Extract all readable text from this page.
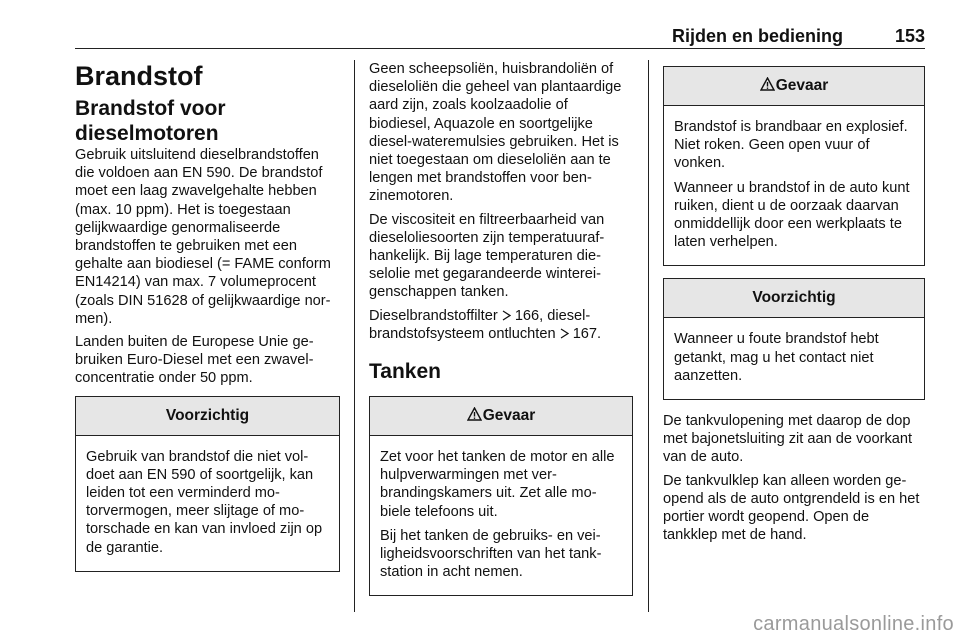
Rijden en bediening	153
Brandstof
Brandstof voor dieselmotoren

Gebruik uitsluitend dieselbrandstoffen die voldoen aan EN 590. De brandstof moet een laag zwavelgehalte hebben (max. 10 ppm). Het is toegestaan gelijkwaardige genormaliseerde brandstoffen te gebruiken met een gehalte aan biodiesel (= FAME conform EN14214) van max. 7 volumeprocent (zoals DIN 51628 of gelijkwaardige normen).

Landen buiten de Europese Unie gebruiken Euro-Diesel met een zwavelconcentratie onder 50 ppm.

Voorzichtig

Gebruik van brandstof die niet voldoet aan EN 590 of soortgelijk, kan leiden tot een verminderd motorvermogen, meer slijtage of motorschade en kan van invloed zijn op de garantie.

Geen scheepsoliën, huisbrandoliën of dieseloliën die geheel van plantaardige aard zijn, zoals koolzaadolie of biodiesel, Aquazole en soortgelijke diesel-wateremulsies gebruiken. Het is niet toegestaan om dieseloliën aan te lengen met brandstoffen voor benzinemotoren.

De viscositeit en filtreerbaarheid van dieseloliesoorten zijn temperatuurafhankelijk. Bij lage temperaturen dieselolie met gegarandeerde wintereigenschappen tanken.

Dieselbrandstoffilter  166, dieselbrandstofsysteem ontluchten  167.

Tanken
Gevaar

Zet voor het tanken de motor en alle hulpverwarmingen met verbrandingskamers uit. Zet alle mobiele telefoons uit.

Bij het tanken de gebruiks- en veiligheidsvoorschriften van het tankstation in acht nemen.

Gevaar

Brandstof is brandbaar en explosief. Niet roken. Geen open vuur of vonken.

Wanneer u brandstof in de auto kunt ruiken, dient u de oorzaak daarvan onmiddellijk door een werkplaats te laten verhelpen.

Voorzichtig

Wanneer u foute brandstof hebt getankt, mag u het contact niet aanzetten.

De tankvulopening met daarop de dop met bajonetsluiting zit aan de voorkant van de auto.

De tankvulklep kan alleen worden geopend als de auto ontgrendeld is en het portier wordt geopend. Open de tankklep met de hand.

carmanualsonline.info
